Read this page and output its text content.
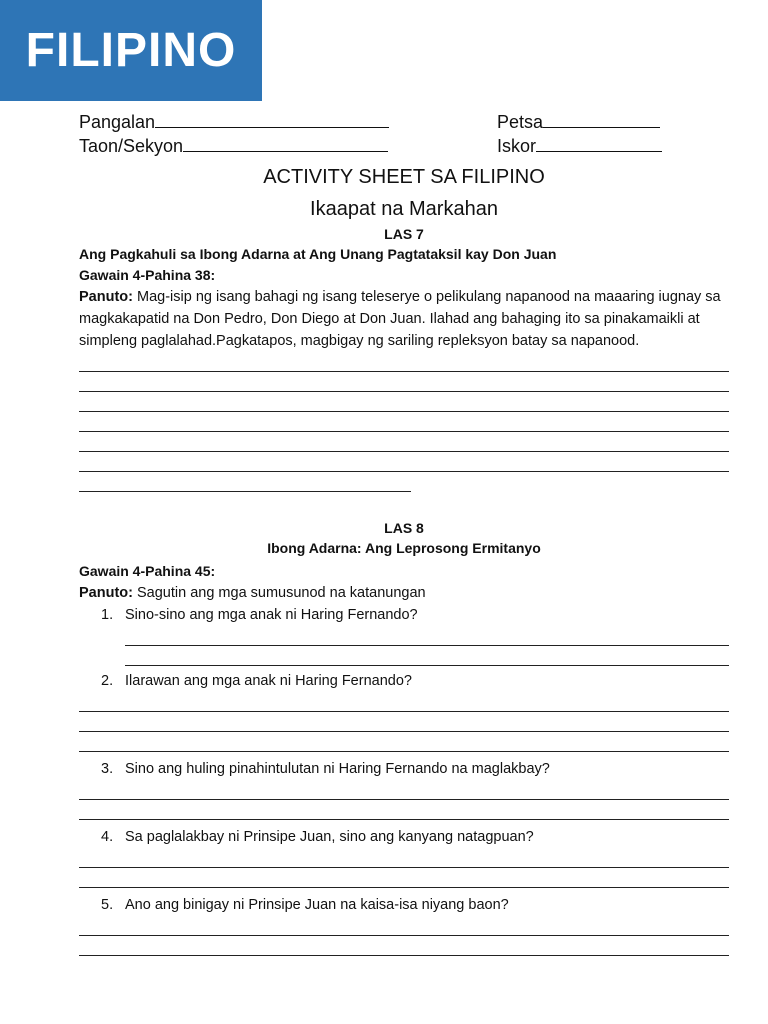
FILIPINO
Pangalan	Petsa
Taon/Sekyon	Iskor
ACTIVITY SHEET SA FILIPINO
Ikaapat na Markahan
LAS 7
Ang Pagkahuli sa Ibong Adarna at Ang Unang Pagtataksil kay Don Juan
Gawain 4-Pahina 38:
Panuto: Mag-isip ng isang bahagi ng isang teleserye o pelikulang napanood na maaaring iugnay sa magkakapatid na Don Pedro, Don Diego at Don Juan. Ilahad ang bahaging ito sa pinakamaikli at simpleng paglalahad.Pagkatapos, magbigay ng sariling repleksyon batay sa napanood.
LAS 8
Ibong Adarna: Ang Leprosong Ermitanyo
Gawain 4-Pahina 45:
Panuto: Sagutin ang mga sumusunod na katanungan
1. Sino-sino ang mga anak ni Haring Fernando?
2. Ilarawan ang mga anak ni Haring Fernando?
3. Sino ang huling pinahintulutan ni Haring Fernando na maglakbay?
4. Sa paglalakbay ni Prinsipe Juan, sino ang kanyang natagpuan?
5. Ano ang binigay ni Prinsipe Juan na kaisa-isa niyang baon?
